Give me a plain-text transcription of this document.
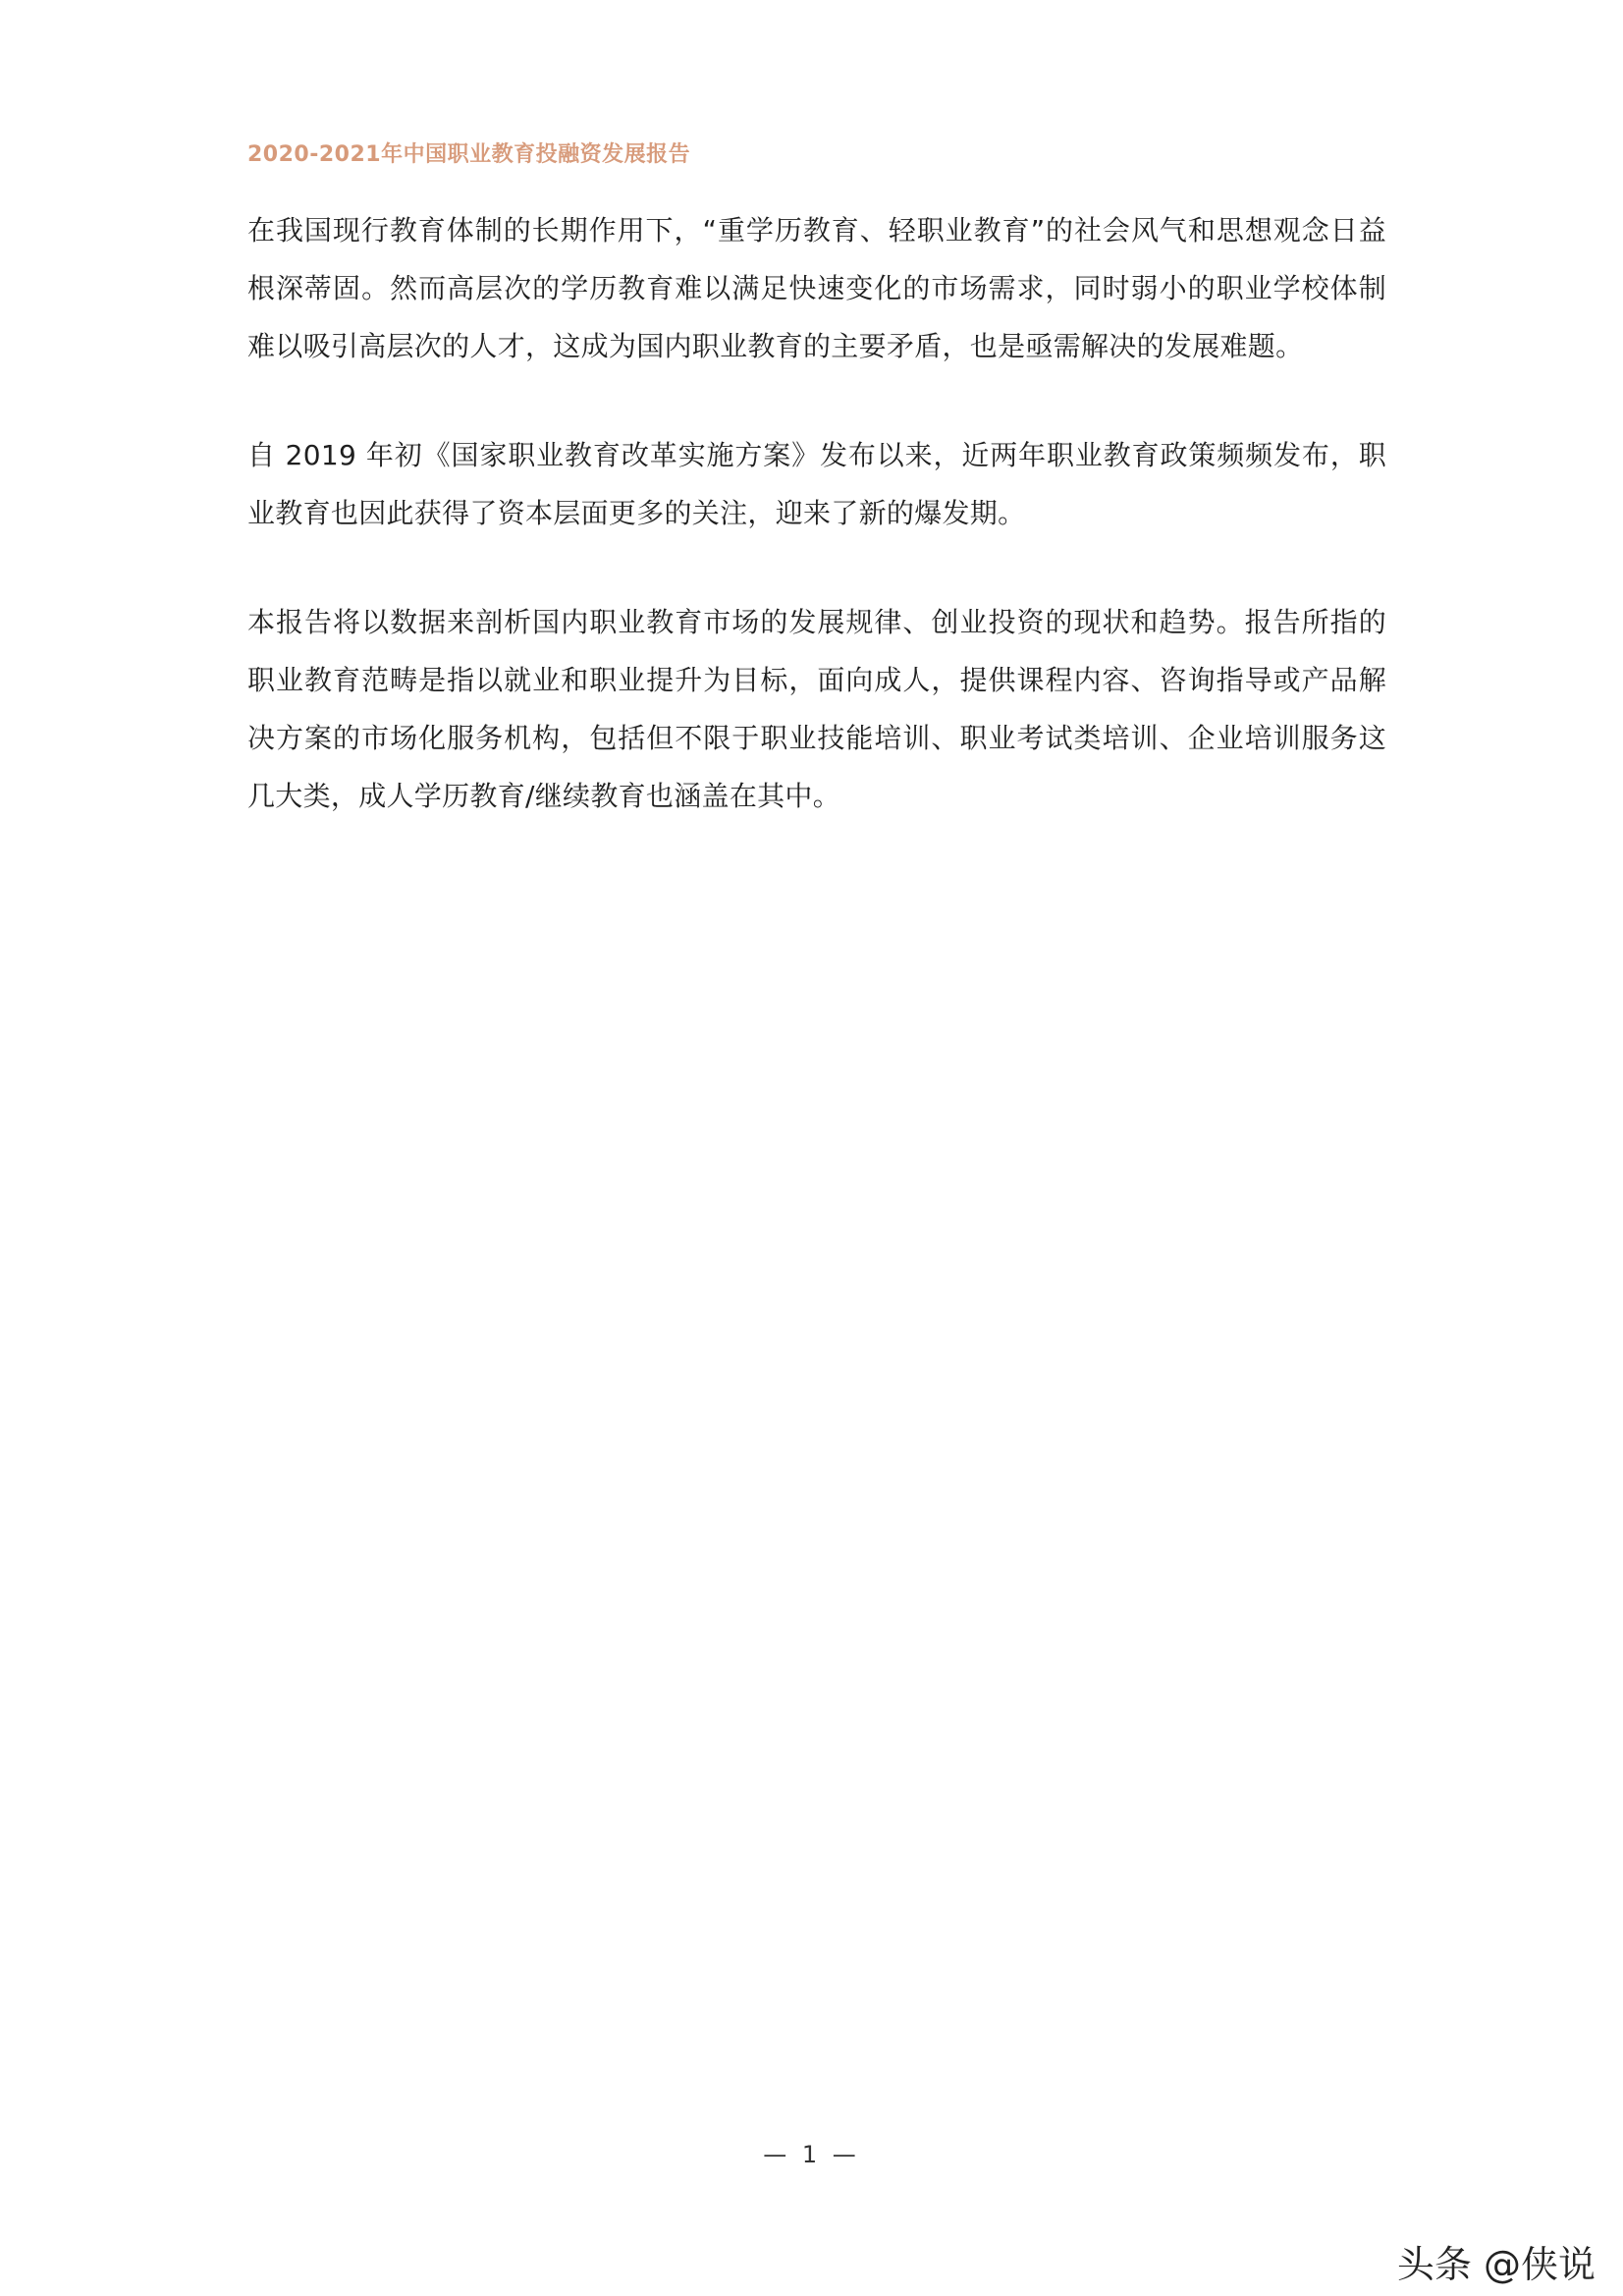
2020-2021年中国职业教育投融资发展报告

在我国现行教育体制的长期作用下，“重学历教育、轻职业教育”的社会风气和思想观念日益根深蒂固。然而高层次的学历教育难以满足快速变化的市场需求，同时弱小的职业学校体制难以吸引高层次的人才，这成为国内职业教育的主要矛盾，也是亟需解决的发展难题。

自 2019 年初《国家职业教育改革实施方案》发布以来，近两年职业教育政策频频发布，职业教育也因此获得了资本层面更多的关注，迎来了新的爆发期。

本报告将以数据来剖析国内职业教育市场的发展规律、创业投资的现状和趋势。报告所指的职业教育范畴是指以就业和职业提升为目标，面向成人，提供课程内容、咨询指导或产品解决方案的市场化服务机构，包括但不限于职业技能培训、职业考试类培训、企业培训服务这几大类，成人学历教育/继续教育也涵盖在其中。

— 1 —
头条 @侠说
